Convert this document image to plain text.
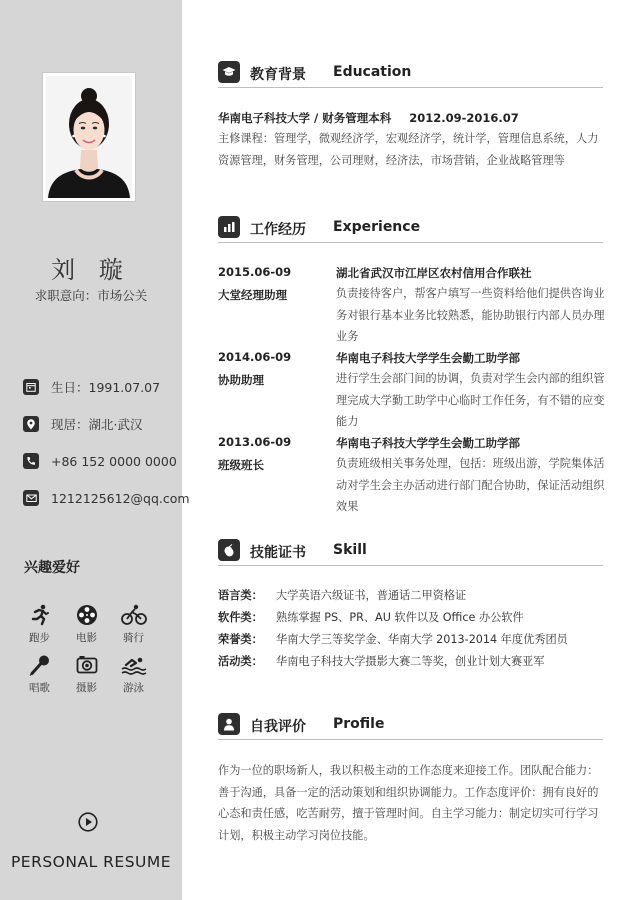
刘 璇
求职意向：市场公关
生日：1991.07.07
现居：湖北·武汉
+86 152 0000 0000
1212125612@qq.com
兴趣爱好
跑步	电影	骑行
唱歌	摄影	游泳
PERSONAL RESUME
教育背景 Education
华南电子科技大学 / 财务管理本科 2012.09-2016.07
主修课程：管理学，微观经济学，宏观经济学，统计学，管理信息系统，人力资源管理，财务管理，公司理财，经济法，市场营销，企业战略管理等
工作经历 Experience
2015.06-09
大堂经理助理
湖北省武汉市江岸区农村信用合作联社
负责接待客户，帮客户填写一些资料给他们提供咨询业务对银行基本业务比较熟悉，能协助银行内部人员办理业务
2014.06-09
协助助理
华南电子科技大学学生会勤工助学部
进行学生会部门间的协调，负责对学生会内部的组织管理完成大学勤工助学中心临时工作任务，有不错的应变能力
2013.06-09
班级班长
华南电子科技大学学生会勤工助学部
负责班级相关事务处理，包括：班级出游，学院集体活动对学生会主办活动进行部门配合协助，保证活动组织效果
技能证书 Skill
语言类： 大学英语六级证书，普通话二甲资格证
软件类： 熟练掌握 PS、PR、AU 软件以及 Office 办公软件
荣誉类： 华南大学三等奖学金、华南大学 2013-2014 年度优秀团员
活动类： 华南电子科技大学摄影大赛二等奖，创业计划大赛亚军
自我评价 Profile
作为一位的职场新人，我以积极主动的工作态度来迎接工作。团队配合能力：善于沟通，具备一定的活动策划和组织协调能力。工作态度评价：拥有良好的心态和责任感，吃苦耐劳，擅于管理时间。自主学习能力：制定切实可行学习计划，积极主动学习岗位技能。
